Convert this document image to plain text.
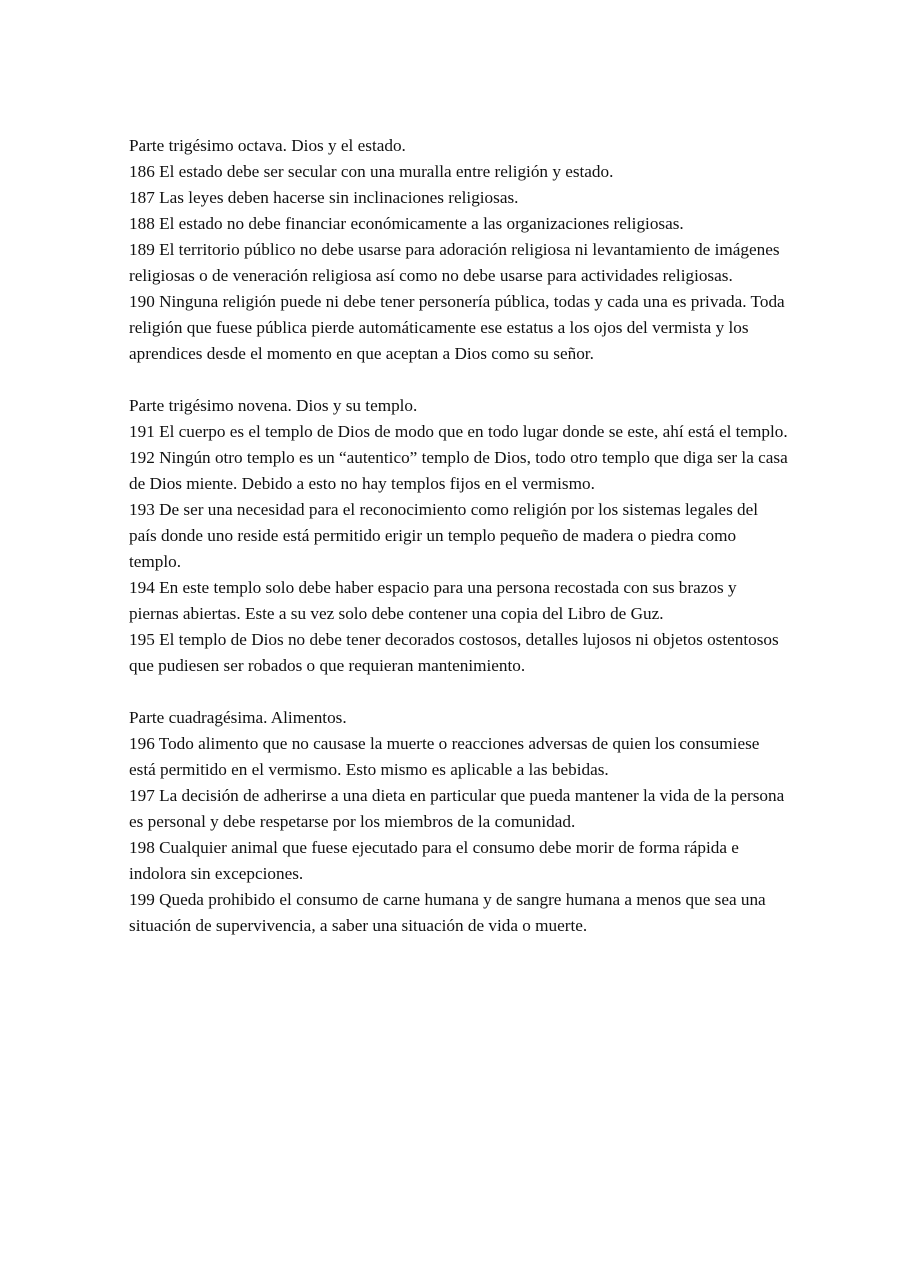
Parte trigésimo octava. Dios y el estado.

186 El estado debe ser secular con una muralla entre religión y estado.

187 Las leyes deben hacerse sin inclinaciones religiosas.

188 El estado no debe financiar económicamente a las organizaciones religiosas.

189 El territorio público no debe usarse para adoración religiosa ni levantamiento de imágenes religiosas o de veneración religiosa así como no debe usarse para actividades religiosas.

190 Ninguna religión puede ni debe tener personería pública, todas y cada una es privada. Toda religión que fuese pública pierde automáticamente ese estatus a los ojos del vermista y los aprendices desde el momento en que aceptan a Dios como su señor.

Parte trigésimo novena. Dios y su templo.

191 El cuerpo es el templo de Dios de modo que en todo lugar donde se este, ahí está el templo.

192 Ningún otro templo es un “autentico” templo de Dios, todo otro templo que diga ser la casa de Dios miente. Debido a esto no hay templos fijos en el vermismo.

193 De ser una necesidad para el reconocimiento como religión por los sistemas legales del país donde uno reside está permitido erigir un templo pequeño de madera o piedra como templo.

194 En este templo solo debe haber espacio para una persona recostada con sus brazos y piernas abiertas. Este a su vez solo debe contener una copia del Libro de Guz.

195 El templo de Dios no debe tener decorados costosos, detalles lujosos ni objetos ostentosos que pudiesen ser robados o que requieran mantenimiento.

Parte cuadragésima. Alimentos.

196 Todo alimento que no causase la muerte o reacciones adversas de quien los consumiese está permitido en el vermismo. Esto mismo es aplicable a las bebidas.

197 La decisión de adherirse a una dieta en particular que pueda mantener la vida de la persona es personal y debe respetarse por los miembros de la comunidad.

198 Cualquier animal que fuese ejecutado para el consumo debe morir de forma rápida e indolora sin excepciones.

199 Queda prohibido el consumo de carne humana y de sangre humana a menos que sea una situación de supervivencia, a saber una situación de vida o muerte.
